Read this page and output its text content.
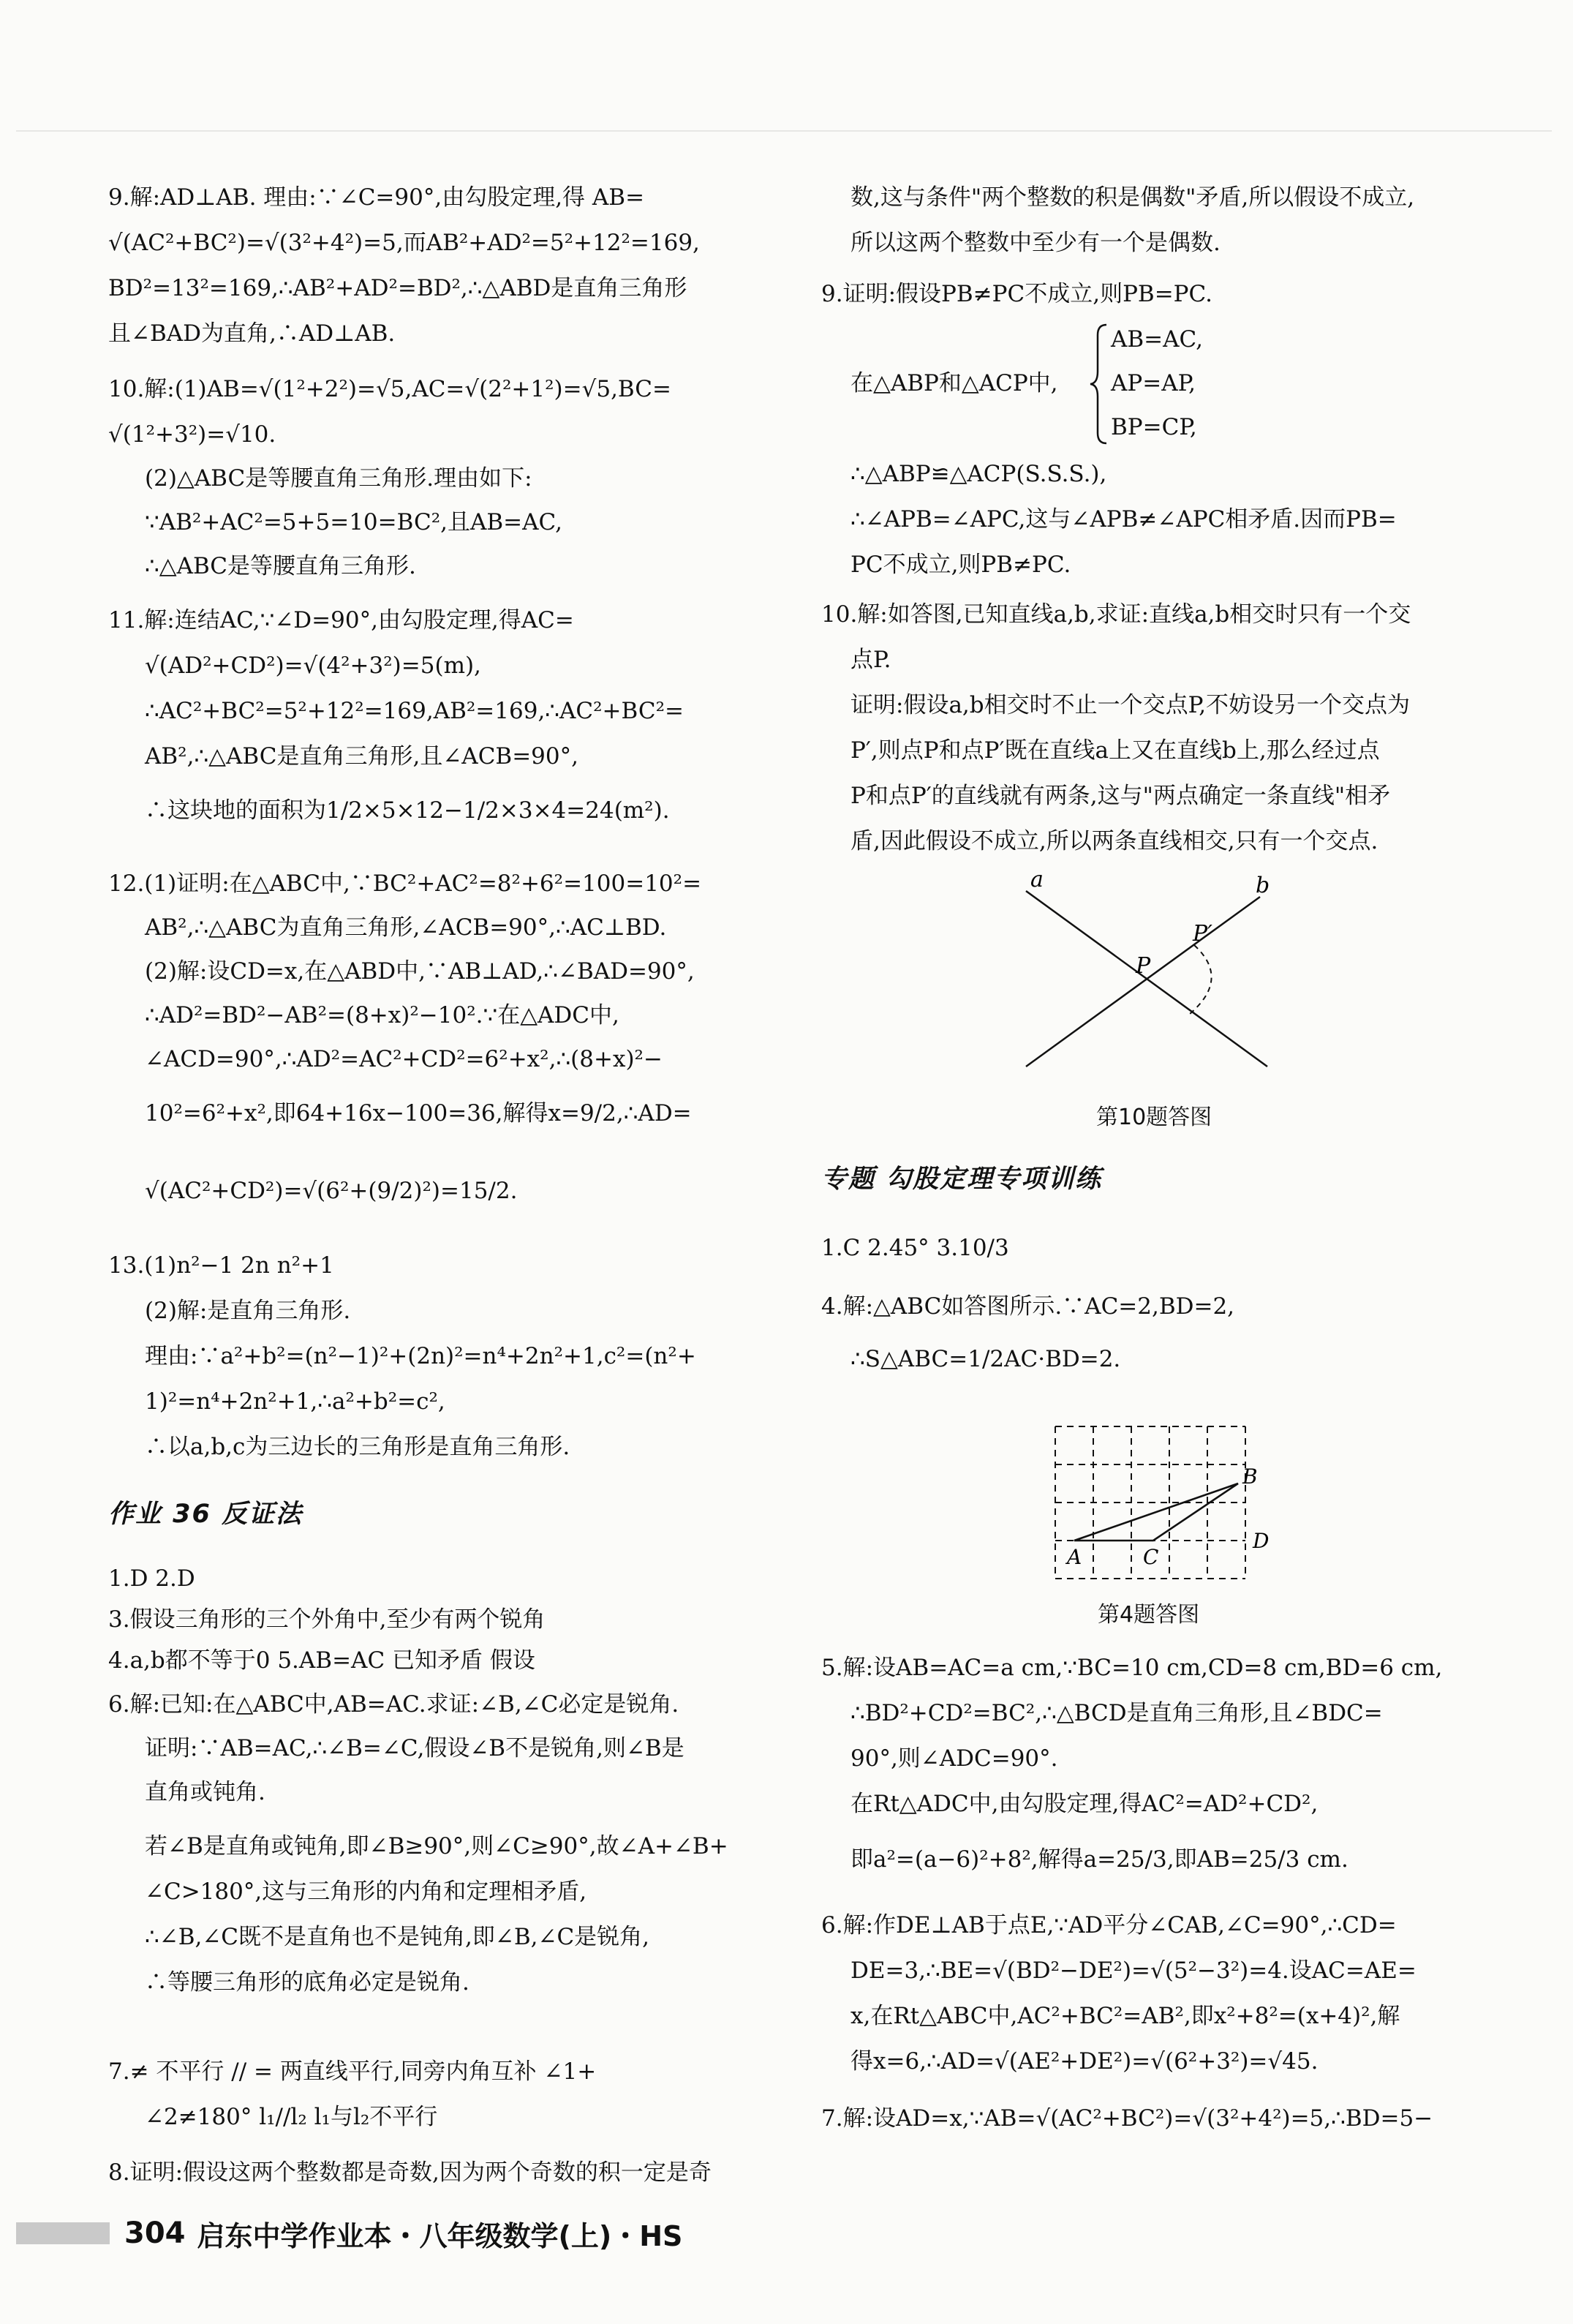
9.解:AD⊥AB. 理由:∵∠C=90°,由勾股定理,得 AB=
√(AC²+BC²)=√(3²+4²)=5,而AB²+AD²=5²+12²=169,
BD²=13²=169,∴AB²+AD²=BD²,∴△ABD是直角三角形
且∠BAD为直角,∴AD⊥AB.
10.解:(1)AB=√(1²+2²)=√5,AC=√(2²+1²)=√5,BC=
√(1²+3²)=√10.
(2)△ABC是等腰直角三角形.理由如下:
∵AB²+AC²=5+5=10=BC²,且AB=AC,
∴△ABC是等腰直角三角形.
11.解:连结AC,∵∠D=90°,由勾股定理,得AC=
√(AD²+CD²)=√(4²+3²)=5(m),
∴AC²+BC²=5²+12²=169,AB²=169,∴AC²+BC²=
AB²,∴△ABC是直角三角形,且∠ACB=90°,
∴这块地的面积为1/2×5×12−1/2×3×4=24(m²).
12.(1)证明:在△ABC中,∵BC²+AC²=8²+6²=100=10²=
AB²,∴△ABC为直角三角形,∠ACB=90°,∴AC⊥BD.
(2)解:设CD=x,在△ABD中,∵AB⊥AD,∴∠BAD=90°,
∴AD²=BD²−AB²=(8+x)²−10².∵在△ADC中,
∠ACD=90°,∴AD²=AC²+CD²=6²+x²,∴(8+x)²−
10²=6²+x²,即64+16x−100=36,解得x=9/2,∴AD=
√(AC²+CD²)=√(6²+(9/2)²)=15/2.
13.(1)n²−1 2n n²+1
(2)解:是直角三角形.
理由:∵a²+b²=(n²−1)²+(2n)²=n⁴+2n²+1,c²=(n²+
1)²=n⁴+2n²+1,∴a²+b²=c²,
∴以a,b,c为三边长的三角形是直角三角形.
作业 36 反证法
1.D 2.D
3.假设三角形的三个外角中,至少有两个锐角
4.a,b都不等于0 5.AB=AC 已知矛盾 假设
6.解:已知:在△ABC中,AB=AC.求证:∠B,∠C必定是锐角.
证明:∵AB=AC,∴∠B=∠C,假设∠B不是锐角,则∠B是
直角或钝角.
若∠B是直角或钝角,即∠B≥90°,则∠C≥90°,故∠A+∠B+
∠C>180°,这与三角形的内角和定理相矛盾,
∴∠B,∠C既不是直角也不是钝角,即∠B,∠C是锐角,
∴等腰三角形的底角必定是锐角.
7.≠ 不平行 // = 两直线平行,同旁内角互补 ∠1+
∠2≠180° l₁//l₂ l₁与l₂不平行
8.证明:假设这两个整数都是奇数,因为两个奇数的积一定是奇
数,这与条件"两个整数的积是偶数"矛盾,所以假设不成立,
所以这两个整数中至少有一个是偶数.
9.证明:假设PB≠PC不成立,则PB=PC.
AB=AC,
在△ABP和△ACP中, AP=AP,
BP=CP,
∴△ABP≌△ACP(S.S.S.),
∴∠APB=∠APC,这与∠APB≠∠APC相矛盾.因而PB=
PC不成立,则PB≠PC.
10.解:如答图,已知直线a,b,求证:直线a,b相交时只有一个交
点P.
证明:假设a,b相交时不止一个交点P,不妨设另一个交点为
P′,则点P和点P′既在直线a上又在直线b上,那么经过点
P和点P′的直线就有两条,这与"两点确定一条直线"相矛
盾,因此假设不成立,所以两条直线相交,只有一个交点.
a	b
P
P′
第10题答图
专题 勾股定理专项训练
1.C 2.45° 3.10/3
4.解:△ABC如答图所示.∵AC=2,BD=2,
∴S△ABC=1/2AC·BD=2.
A
B
C
D
第4题答图
5.解:设AB=AC=a cm,∵BC=10 cm,CD=8 cm,BD=6 cm,
∴BD²+CD²=BC²,∴△BCD是直角三角形,且∠BDC=
90°,则∠ADC=90°.
在Rt△ADC中,由勾股定理,得AC²=AD²+CD²,
即a²=(a−6)²+8²,解得a=25/3,即AB=25/3 cm.
6.解:作DE⊥AB于点E,∵AD平分∠CAB,∠C=90°,∴CD=
DE=3,∴BE=√(BD²−DE²)=√(5²−3²)=4.设AC=AE=
x,在Rt△ABC中,AC²+BC²=AB²,即x²+8²=(x+4)²,解
得x=6,∴AD=√(AE²+DE²)=√(6²+3²)=√45.
7.解:设AD=x,∵AB=√(AC²+BC²)=√(3²+4²)=5,∴BD=5−
304 启东中学作业本・八年级数学(上)・HS
